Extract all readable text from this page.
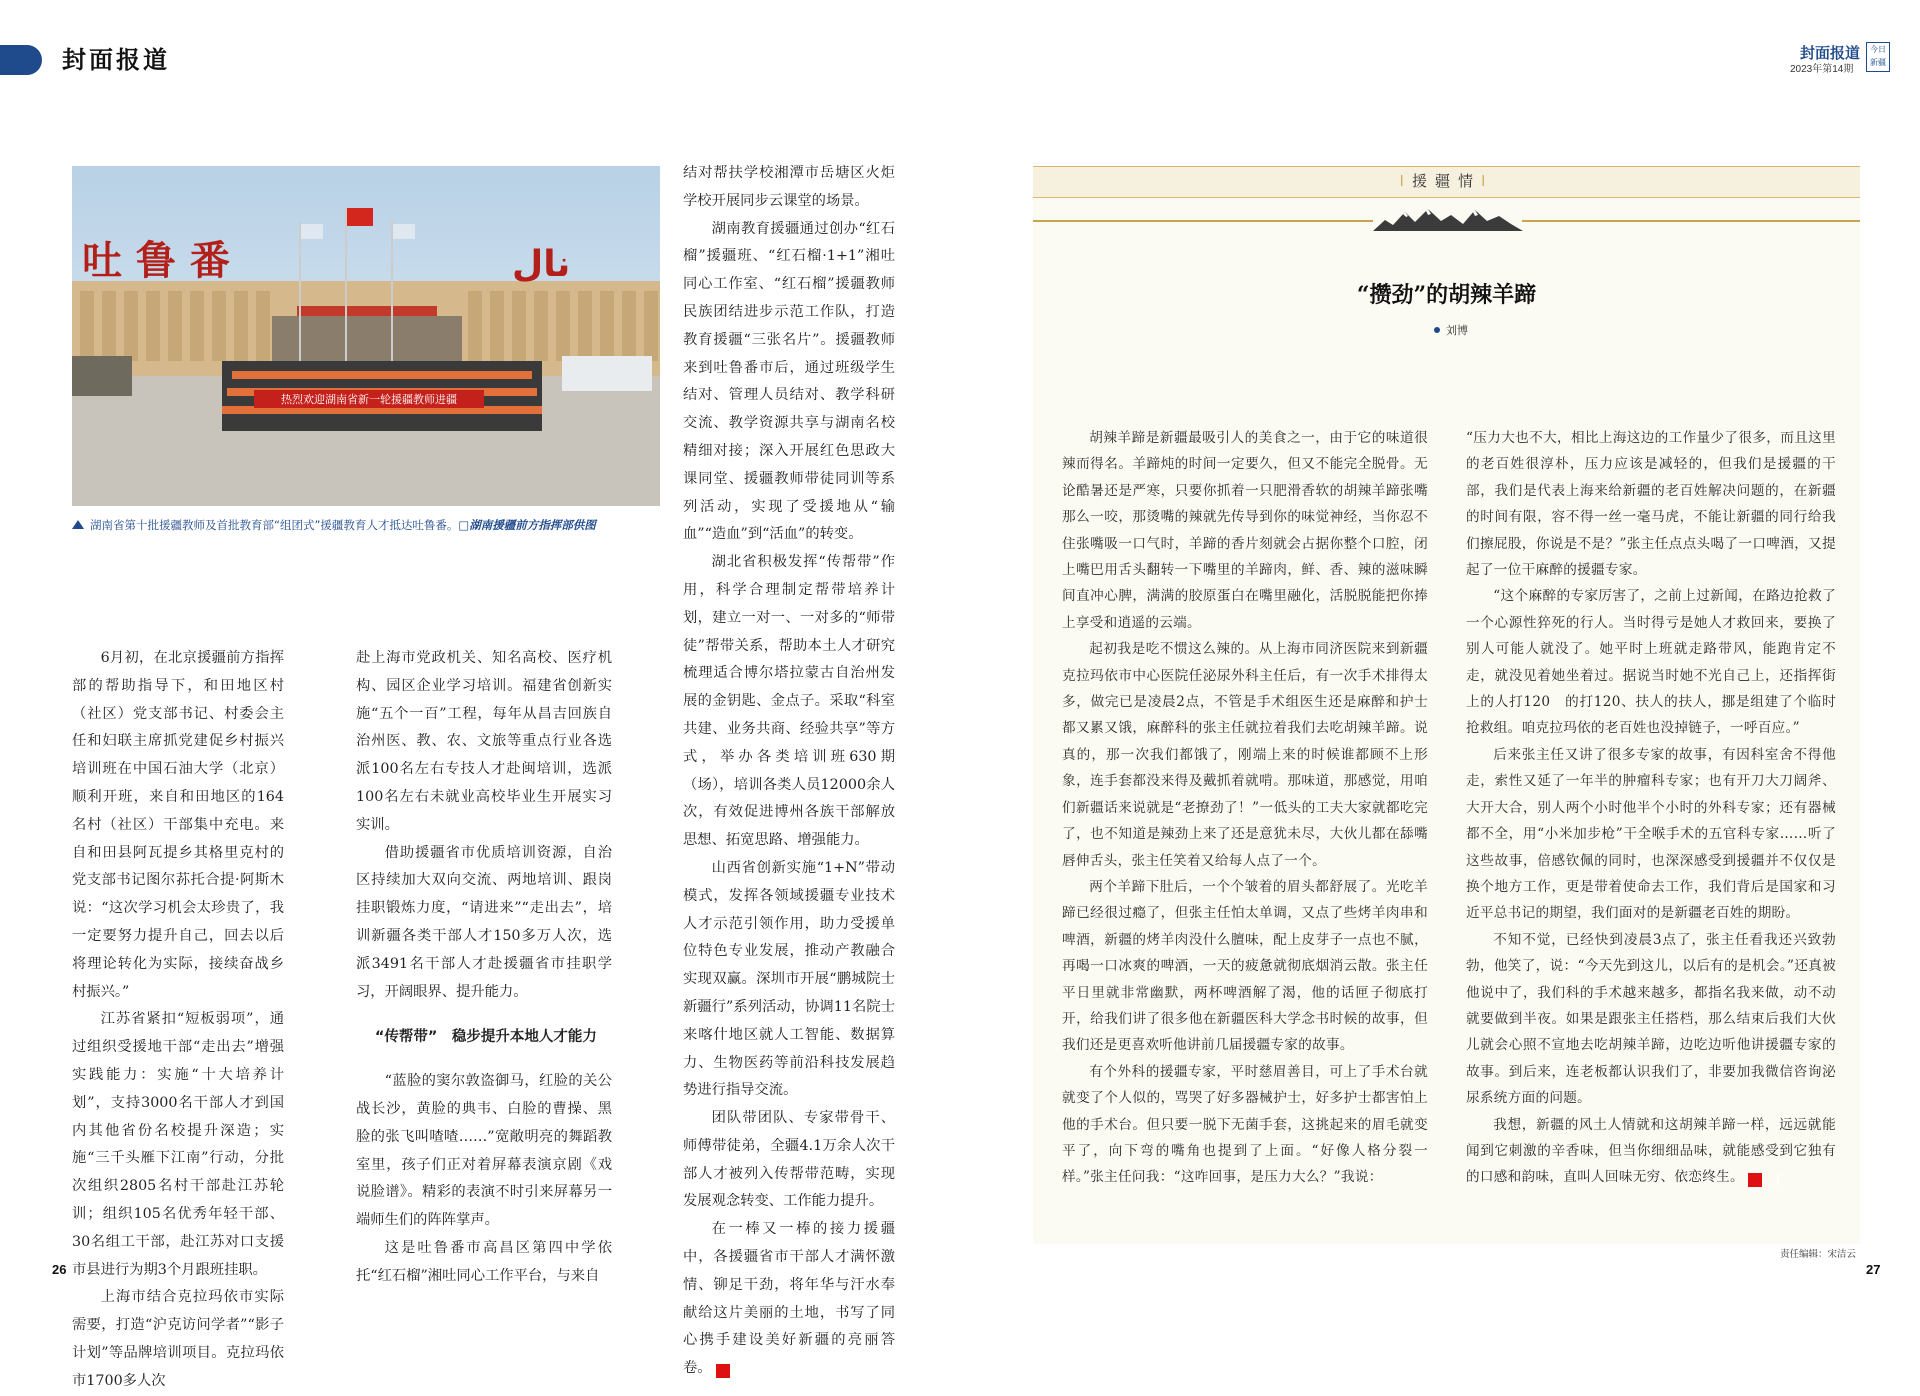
封面报道	封面报道
2023年第14期
今日
新疆
吐 鲁 番	ﻧﺎﻝ
热烈欢迎湖南省新一轮援疆教师进疆
湖南省第十批援疆教师及首批教育部“组团式”援疆教育人才抵达吐鲁番。□湖南援疆前方指挥部供图

6月初，在北京援疆前方指挥部的帮助指导下，和田地区村（社区）党支部书记、村委会主任和妇联主席抓党建促乡村振兴培训班在中国石油大学（北京）顺利开班，来自和田地区的164名村（社区）干部集中充电。来自和田县阿瓦提乡其格里克村的党支部书记图尔荪托合提·阿斯木说：“这次学习机会太珍贵了，我一定要努力提升自己，回去以后将理论转化为实际，接续奋战乡村振兴。”

江苏省紧扣“短板弱项”，通过组织受援地干部“走出去”增强实践能力：实施“十大培养计划”，支持3000名干部人才到国内其他省份名校提升深造；实施“三千头雁下江南”行动，分批次组织2805名村干部赴江苏轮训；组织105名优秀年轻干部、30名组工干部，赴江苏对口支援市县进行为期3个月跟班挂职。

上海市结合克拉玛依市实际需要，打造“沪克访问学者”“影子计划”等品牌培训项目。克拉玛依市1700多人次

赴上海市党政机关、知名高校、医疗机构、园区企业学习培训。福建省创新实施“五个一百”工程，每年从昌吉回族自治州医、教、农、文旅等重点行业各选派100名左右专技人才赴闽培训，选派100名左右未就业高校毕业生开展实习实训。

借助援疆省市优质培训资源，自治区持续加大双向交流、两地培训、跟岗挂职锻炼力度，“请进来”“走出去”，培训新疆各类干部人才150多万人次，选派3491名干部人才赴援疆省市挂职学习，开阔眼界、提升能力。

“传帮带”　稳步提升本地人才能力

“蓝脸的窦尔敦盗御马，红脸的关公战长沙，黄脸的典韦、白脸的曹操、黑脸的张飞叫喳喳……”宽敞明亮的舞蹈教室里，孩子们正对着屏幕表演京剧《戏说脸谱》。精彩的表演不时引来屏幕另一端师生们的阵阵掌声。

这是吐鲁番市高昌区第四中学依托“红石榴”湘吐同心工作平台，与来自

结对帮扶学校湘潭市岳塘区火炬学校开展同步云课堂的场景。

湖南教育援疆通过创办“红石榴”援疆班、“红石榴·1+1”湘吐同心工作室、“红石榴”援疆教师民族团结进步示范工作队，打造教育援疆“三张名片”。援疆教师来到吐鲁番市后，通过班级学生结对、管理人员结对、教学科研交流、教学资源共享与湖南名校精细对接；深入开展红色思政大课同堂、援疆教师带徒同训等系列活动，实现了受援地从“输血”“造血”到“活血”的转变。

湖北省积极发挥“传帮带”作用，科学合理制定帮带培养计划，建立一对一、一对多的“师带徒”帮带关系，帮助本土人才研究梳理适合博尔塔拉蒙古自治州发展的金钥匙、金点子。采取“科室共建、业务共商、经验共享”等方式，举办各类培训班630期（场），培训各类人员12000余人次，有效促进博州各族干部解放思想、拓宽思路、增强能力。

山西省创新实施“1+N”带动模式，发挥各领域援疆专业技术人才示范引领作用，助力受援单位特色专业发展，推动产教融合实现双赢。深圳市开展“鹏城院士新疆行”系列活动，协调11名院士来喀什地区就人工智能、数据算力、生物医药等前沿科技发展趋势进行指导交流。

团队带团队、专家带骨干、师傅带徒弟，全疆4.1万余人次干部人才被列入传帮带范畴，实现发展观念转变、工作能力提升。

在一棒又一棒的接力援疆中，各援疆省市干部人才满怀激情、铆足干劲，将年华与汗水奉献给这片美丽的土地，书写了同心携手建设美好新疆的亮丽答卷。	J

ǀ援疆情ǀ
“攒劲”的胡辣羊蹄
刘博

胡辣羊蹄是新疆最吸引人的美食之一，由于它的味道很辣而得名。羊蹄炖的时间一定要久，但又不能完全脱骨。无论酷暑还是严寒，只要你抓着一只肥滑香软的胡辣羊蹄张嘴那么一咬，那烫嘴的辣就先传导到你的味觉神经，当你忍不住张嘴吸一口气时，羊蹄的香片刻就会占据你整个口腔，闭上嘴巴用舌头翻转一下嘴里的羊蹄肉，鲜、香、辣的滋味瞬间直冲心脾，满满的胶原蛋白在嘴里融化，活脱脱能把你捧上享受和逍遥的云端。

起初我是吃不惯这么辣的。从上海市同济医院来到新疆克拉玛依市中心医院任泌尿外科主任后，有一次手术排得太多，做完已是凌晨2点，不管是手术组医生还是麻醉和护士都又累又饿，麻醉科的张主任就拉着我们去吃胡辣羊蹄。说真的，那一次我们都饿了，刚端上来的时候谁都顾不上形象，连手套都没来得及戴抓着就啃。那味道，那感觉，用咱们新疆话来说就是“老撩劲了！”一低头的工夫大家就都吃完了，也不知道是辣劲上来了还是意犹未尽，大伙儿都在舔嘴唇伸舌头，张主任笑着又给每人点了一个。

两个羊蹄下肚后，一个个皱着的眉头都舒展了。光吃羊蹄已经很过瘾了，但张主任怕太单调，又点了些烤羊肉串和啤酒，新疆的烤羊肉没什么膻味，配上皮芽子一点也不腻，再喝一口冰爽的啤酒，一天的疲惫就彻底烟消云散。张主任平日里就非常幽默，两杯啤酒解了渴，他的话匣子彻底打开，给我们讲了很多他在新疆医科大学念书时候的故事，但我们还是更喜欢听他讲前几届援疆专家的故事。

有个外科的援疆专家，平时慈眉善目，可上了手术台就就变了个人似的，骂哭了好多器械护士，好多护士都害怕上他的手术台。但只要一脱下无菌手套，这挑起来的眉毛就变平了，向下弯的嘴角也提到了上面。“好像人格分裂一样。”张主任问我：“这咋回事，是压力大么？”我说：

“压力大也不大，相比上海这边的工作量少了很多，而且这里的老百姓很淳朴，压力应该是减轻的，但我们是援疆的干部，我们是代表上海来给新疆的老百姓解决问题的，在新疆的时间有限，容不得一丝一毫马虎，不能让新疆的同行给我们擦屁股，你说是不是？”张主任点点头喝了一口啤酒，又提起了一位干麻醉的援疆专家。

“这个麻醉的专家厉害了，之前上过新闻，在路边抢救了一个心源性猝死的行人。当时得亏是她人才救回来，要换了别人可能人就没了。她平时上班就走路带风，能跑肯定不走，就没见着她坐着过。据说当时她不光自己上，还指挥街上的人打120　的打120、扶人的扶人，挪是组建了个临时抢救组。咱克拉玛依的老百姓也没掉链子，一呼百应。”

后来张主任又讲了很多专家的故事，有因科室舍不得他走，索性又延了一年半的肿瘤科专家；也有开刀大刀阔斧、大开大合，别人两个小时他半个小时的外科专家；还有器械都不全，用“小米加步枪”干全喉手术的五官科专家……听了这些故事，倍感钦佩的同时，也深深感受到援疆并不仅仅是换个地方工作，更是带着使命去工作，我们背后是国家和习近平总书记的期望，我们面对的是新疆老百姓的期盼。

不知不觉，已经快到凌晨3点了，张主任看我还兴致勃勃，他笑了，说：“今天先到这儿，以后有的是机会。”还真被他说中了，我们科的手术越来越多，都指名我来做，动不动就要做到半夜。如果是跟张主任搭档，那么结束后我们大伙儿就会心照不宣地去吃胡辣羊蹄，边吃边听他讲援疆专家的故事。到后来，连老板都认识我们了，非要加我微信咨询泌尿系统方面的问题。

我想，新疆的风土人情就和这胡辣羊蹄一样，远远就能闻到它刺激的辛香味，但当你细细品味，就能感受到它独有的口感和韵味，直叫人回味无穷、依恋终生。	J

26	27
责任编辑：宋洁云
